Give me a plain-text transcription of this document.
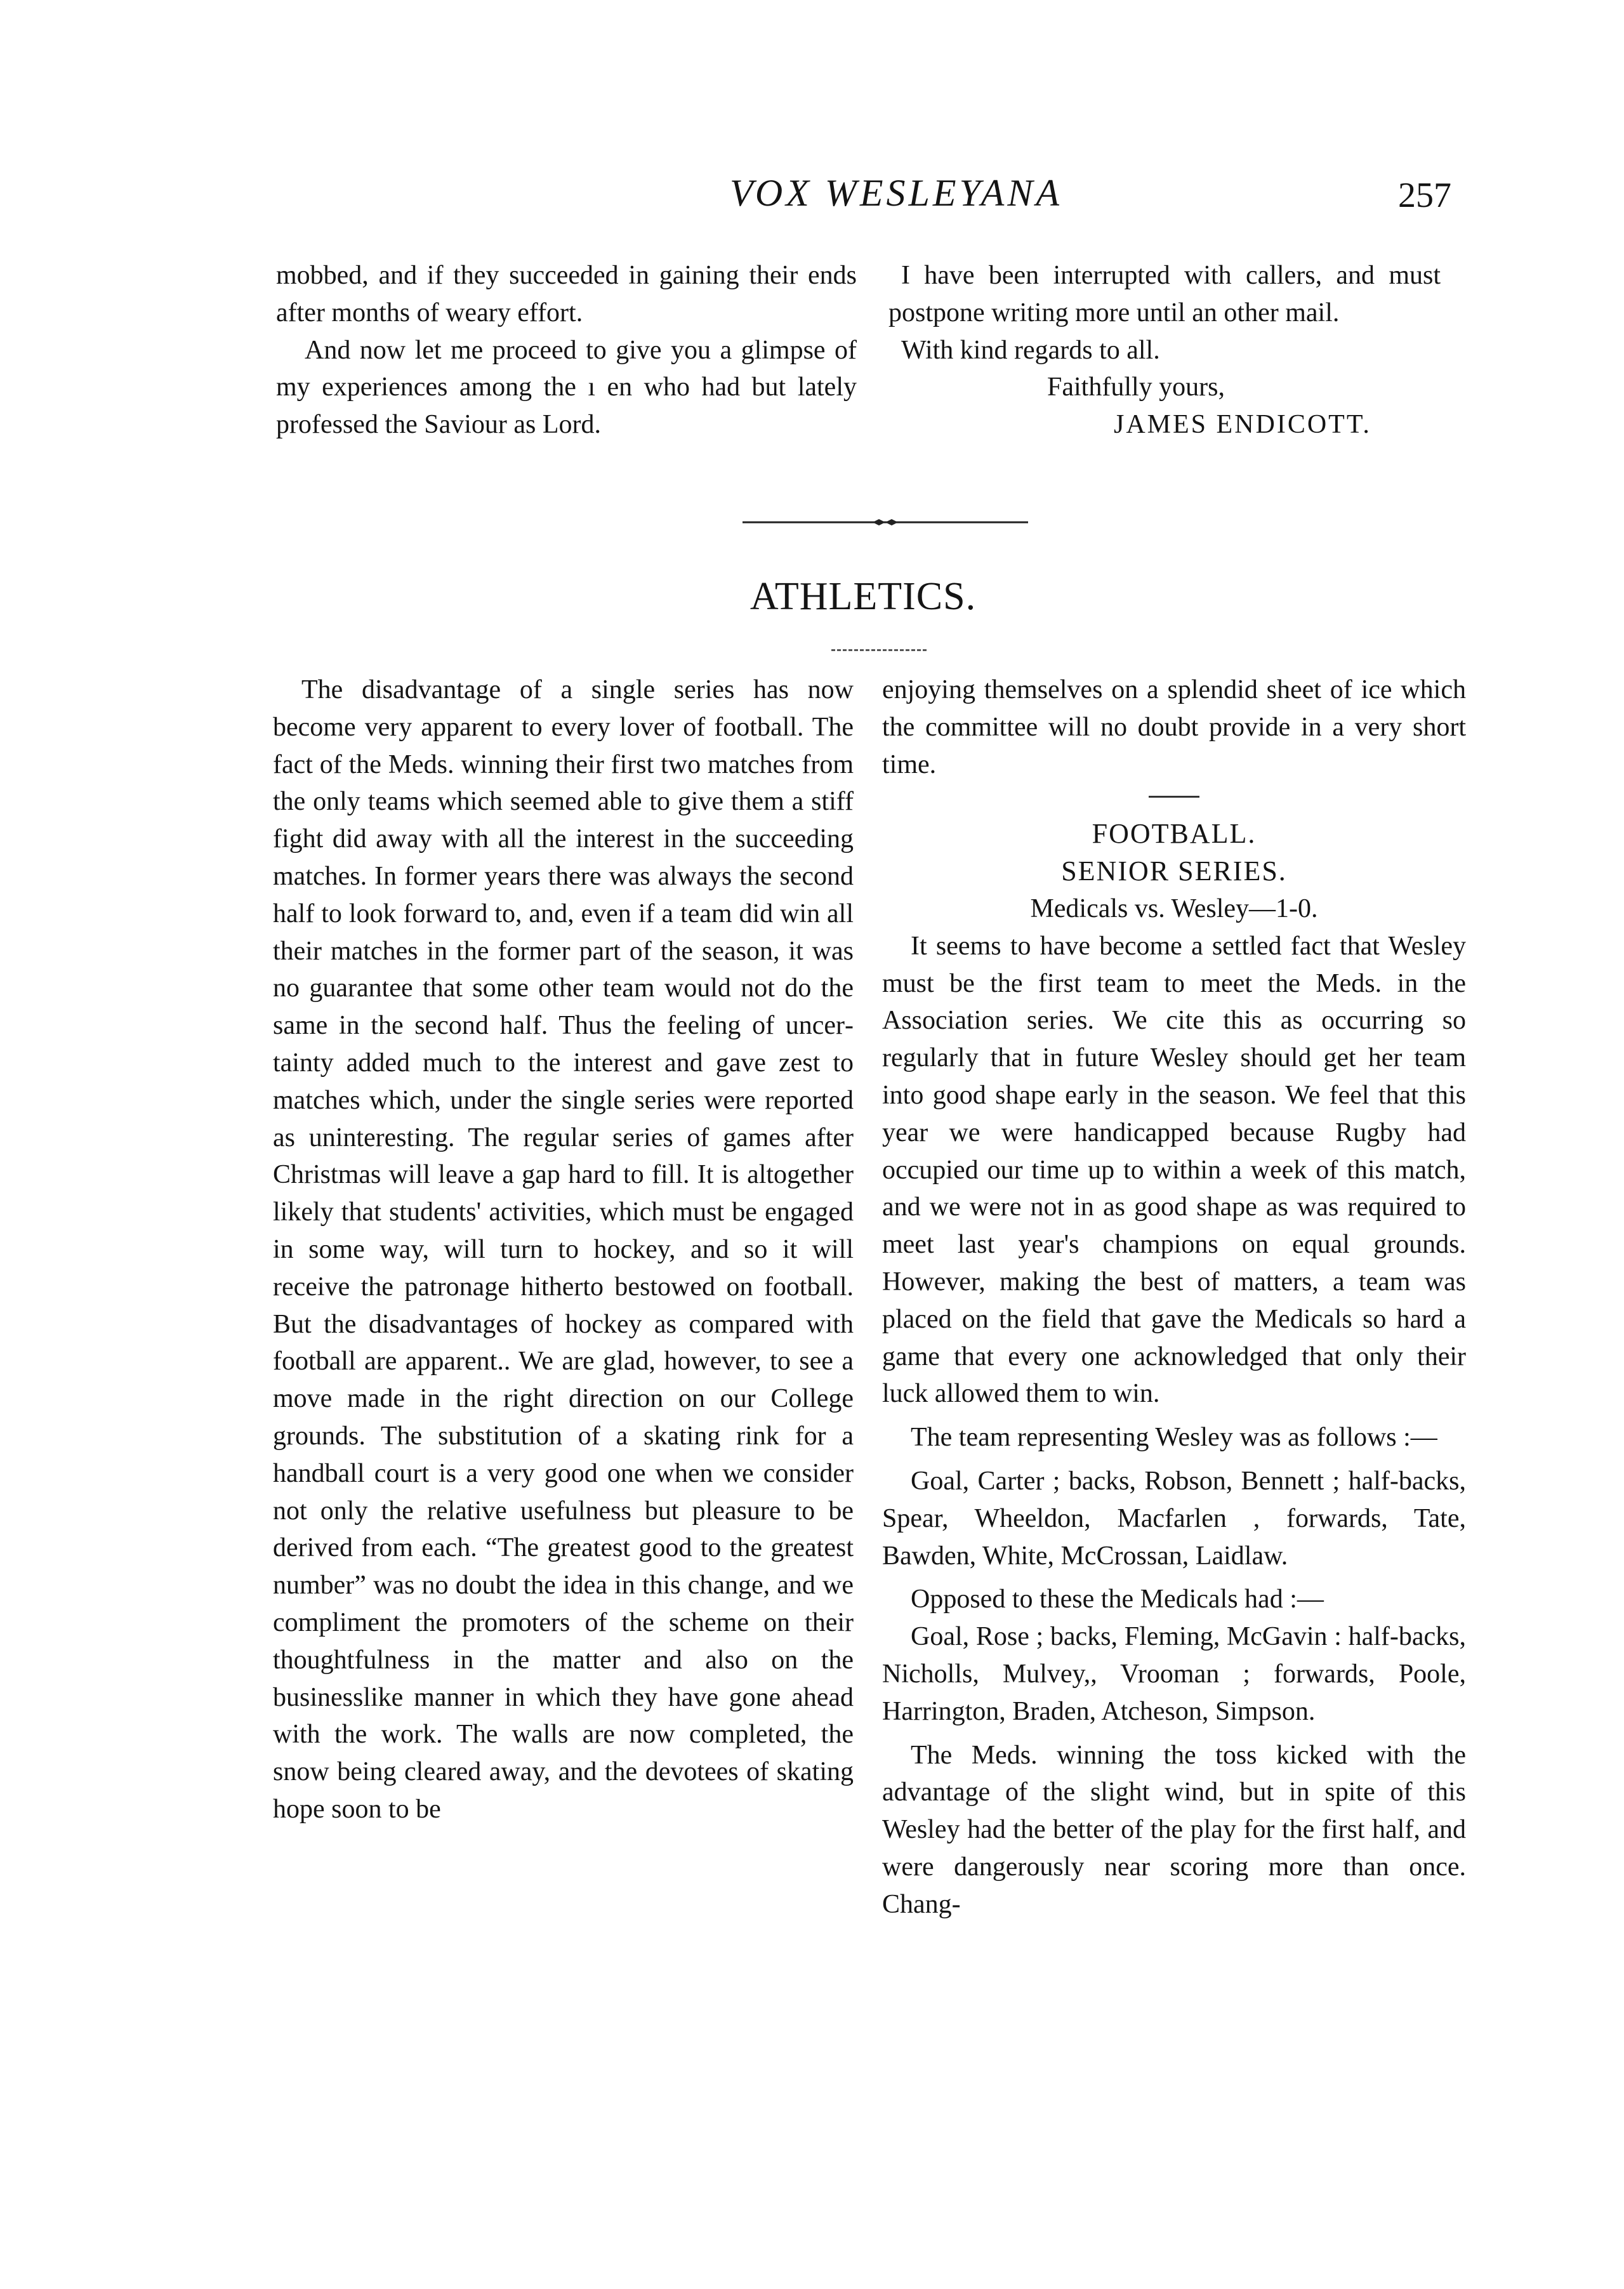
VOX WESLEYANA	257

mobbed, and if they succeeded in gaining their ends after months of weary effort.

And now let me proceed to give you a glimpse of my experiences among the ı en who had but lately professed the Saviour as Lord.

I have been interrupted with callers, and must postpone writing more until an other mail.

With kind regards to all.

Faithfully yours,

JAMES ENDICOTT.

ATHLETICS.

The disadvantage of a single series has now become very apparent to every lover of football. The fact of the Meds. winning their first two matches from the only teams which seemed able to give them a stiff fight did away with all the interest in the succeeding matches. In former years there was always the second half to look forward to, and, even if a team did win all their matches in the former part of the season, it was no guarantee that some other team would not do the same in the second half. Thus the feeling of uncertainty added much to the interest and gave zest to matches which, under the single series were reported as uninteresting. The regular series of games after Christmas will leave a gap hard to fill. It is altogether likely that students' activities, which must be engaged in some way, will turn to hockey, and so it will receive the patronage hitherto bestowed on football. But the disadvantages of hockey as compared with football are apparent.. We are glad, however, to see a move made in the right direction on our College grounds. The substitution of a skating rink for a handball court is a very good one when we consider not only the relative usefulness but pleasure to be derived from each. “The greatest good to the greatest number” was no doubt the idea in this change, and we compliment the promoters of the scheme on their thoughtfulness in the matter and also on the businesslike manner in which they have gone ahead with the work. The walls are now completed, the snow being cleared away, and the devotees of skating hope soon to be

enjoying themselves on a splendid sheet of ice which the committee will no doubt provide in a very short time.

FOOTBALL.

SENIOR SERIES.

Medicals vs. Wesley—1-0.

It seems to have become a settled fact that Wesley must be the first team to meet the Meds. in the Association series. We cite this as occurring so regularly that in future Wesley should get her team into good shape early in the season. We feel that this year we were handicapped because Rugby had occupied our time up to within a week of this match, and we were not in as good shape as was required to meet last year's champions on equal grounds. However, making the best of matters, a team was placed on the field that gave the Medicals so hard a game that every one acknowledged that only their luck allowed them to win.

The team representing Wesley was as follows :—

Goal, Carter ; backs, Robson, Bennett ; half-backs, Spear, Wheeldon, Macfarlen , forwards, Tate, Bawden, White, McCrossan, Laidlaw.

Opposed to these the Medicals had :—

Goal, Rose ; backs, Fleming, McGavin : half-backs, Nicholls, Mulvey,, Vrooman ; forwards, Poole, Harrington, Braden, Atcheson, Simpson.

The Meds. winning the toss kicked with the advantage of the slight wind, but in spite of this Wesley had the better of the play for the first half, and were dangerously near scoring more than once. Chang-
